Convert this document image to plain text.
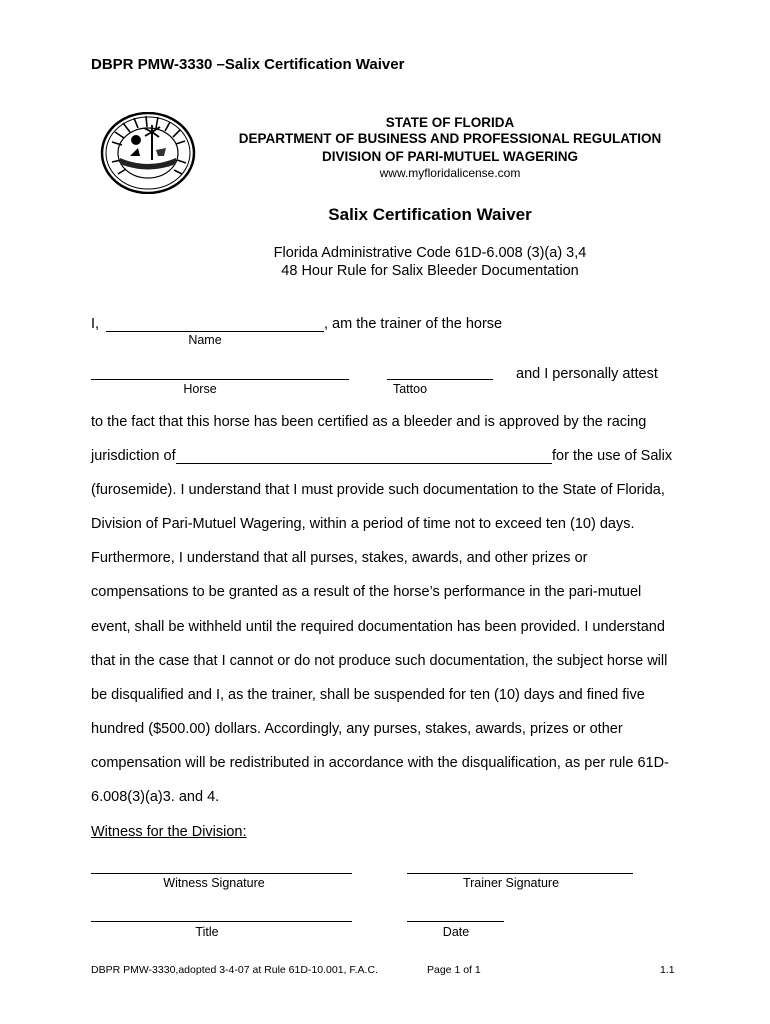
DBPR PMW-3330 –Salix Certification Waiver
STATE OF FLORIDA
DEPARTMENT OF BUSINESS AND PROFESSIONAL REGULATION
DIVISION OF PARI-MUTUEL WAGERING
www.myfloridalicense.com
Salix Certification Waiver
Florida Administrative Code 61D-6.008 (3)(a) 3,4
48 Hour Rule for Salix Bleeder Documentation
I,	, am the trainer of the horse
Name
and I personally attest
Horse	Tattoo
to the fact that this horse has been certified as a bleeder and is approved by the racing
jurisdiction of	for the use of Salix
(furosemide). I understand that I must provide such documentation to the State of Florida,
Division of Pari-Mutuel Wagering, within a period of time not to exceed ten (10) days.
Furthermore, I understand that all purses, stakes, awards, and other prizes or
compensations to be granted as a result of the horse’s performance in the pari-mutuel
event, shall be withheld until the required documentation has been provided. I understand
that in the case that I cannot or do not produce such documentation, the subject horse will
be disqualified and I, as the trainer, shall be suspended for ten (10) days and fined five
hundred ($500.00) dollars. Accordingly, any purses, stakes, awards, prizes or other
compensation will be redistributed in accordance with the disqualification, as per rule 61D-
6.008(3)(a)3. and 4.
Witness for the Division:
Witness Signature	Trainer Signature
Title	Date
DBPR PMW-3330,adopted 3-4-07 at Rule 61D-10.001, F.A.C.	Page 1 of 1	1.1
